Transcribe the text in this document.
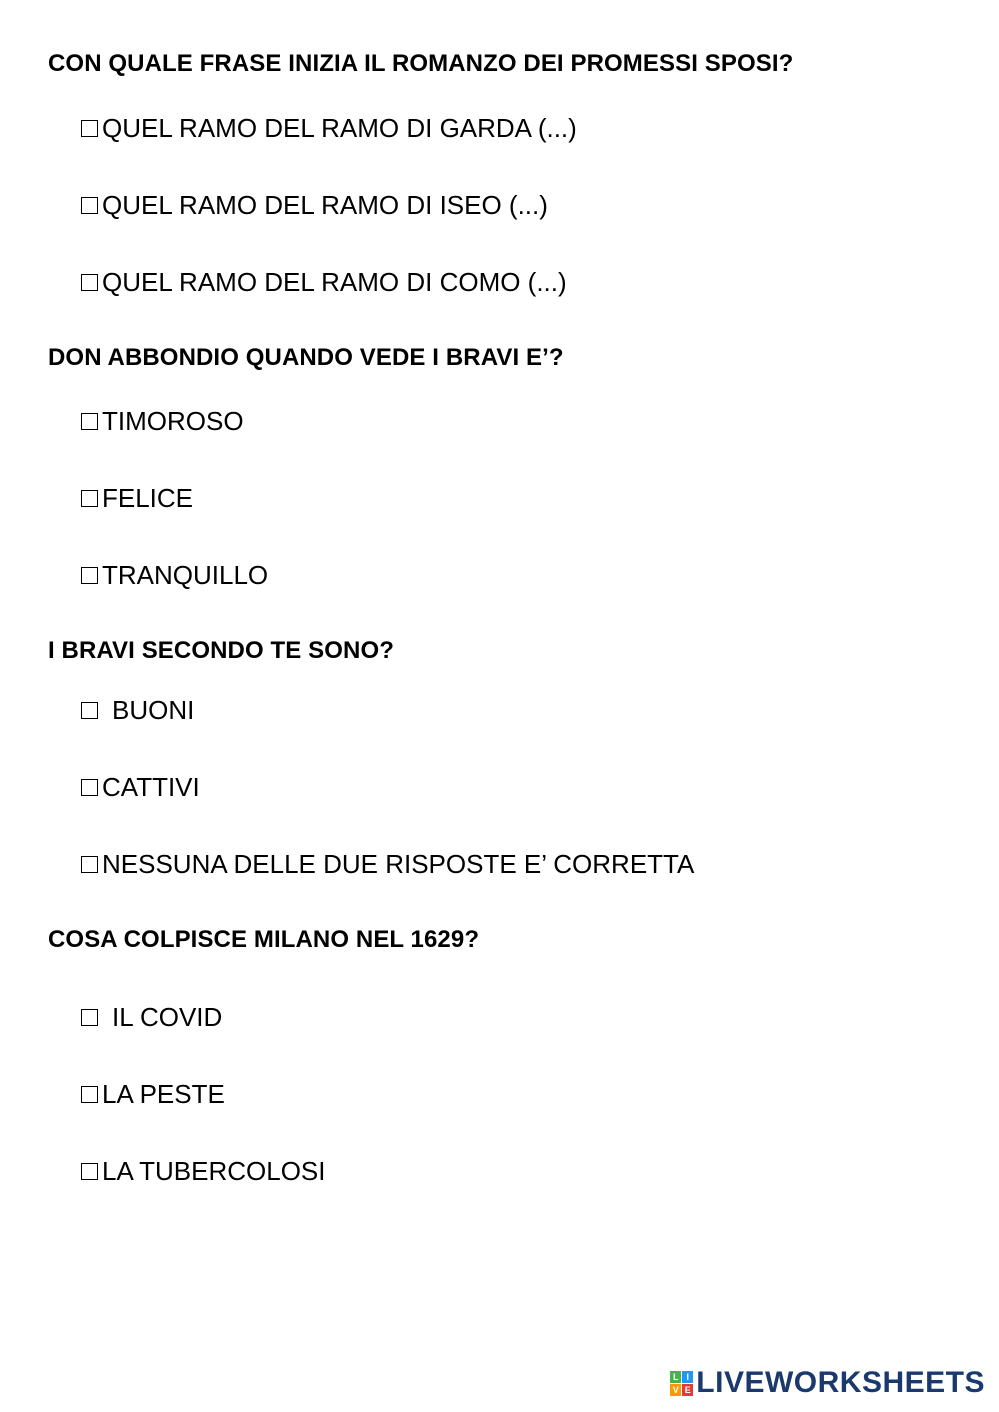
CON QUALE FRASE INIZIA IL ROMANZO DEI PROMESSI SPOSI?
QUEL RAMO DEL RAMO DI GARDA (...)
QUEL RAMO DEL RAMO DI ISEO (...)
QUEL RAMO DEL RAMO DI COMO (...)
DON ABBONDIO QUANDO VEDE I BRAVI E’?
TIMOROSO
FELICE
TRANQUILLO
I BRAVI SECONDO TE SONO?
BUONI
CATTIVI
NESSUNA DELLE DUE RISPOSTE E’ CORRETTA
COSA COLPISCE MILANO NEL 1629?
IL COVID
LA PESTE
LA TUBERCOLOSI
L I
V E LIVEWORKSHEETS
